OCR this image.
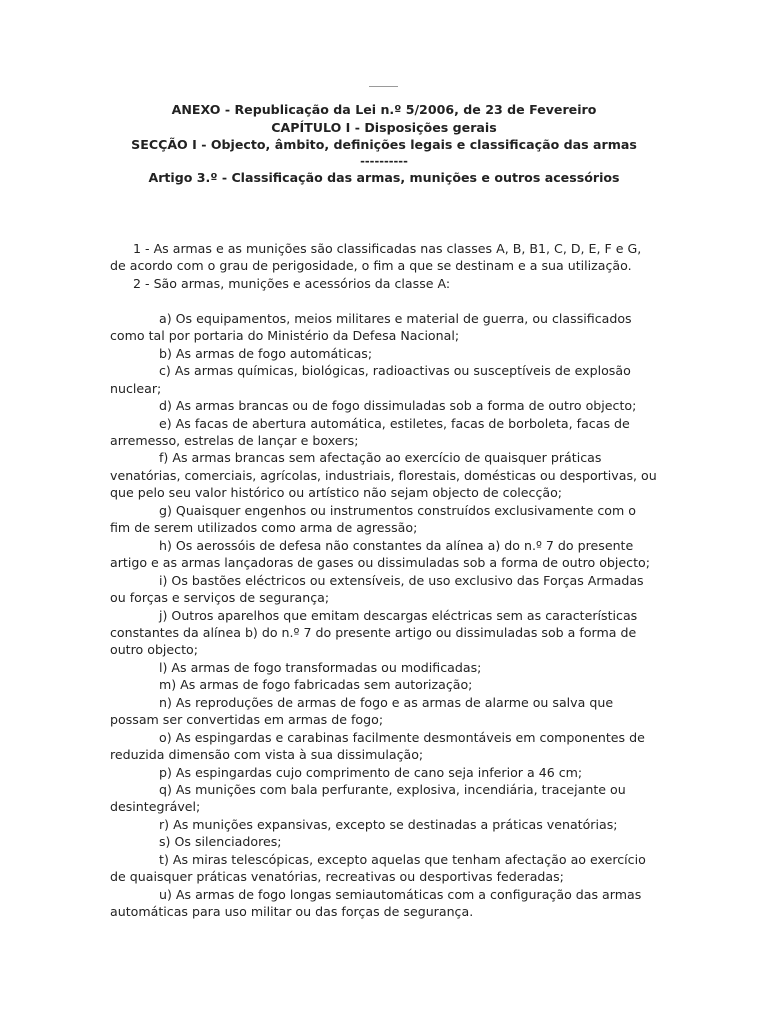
ANEXO - Republicação da Lei n.º 5/2006, de 23 de Fevereiro
CAPÍTULO I - Disposições gerais
SECÇÃO I - Objecto, âmbito, definições legais e classificação das armas
----------
Artigo 3.º - Classificação das armas, munições e outros acessórios

1 - As armas e as munições são classificadas nas classes A, B, B1, C, D, E, F e G, de acordo com o grau de perigosidade, o fim a que se destinam e a sua utilização.

2 - São armas, munições e acessórios da classe A:

a) Os equipamentos, meios militares e material de guerra, ou classificados como tal por portaria do Ministério da Defesa Nacional;

b) As armas de fogo automáticas;

c) As armas químicas, biológicas, radioactivas ou susceptíveis de explosão nuclear;

d) As armas brancas ou de fogo dissimuladas sob a forma de outro objecto;

e) As facas de abertura automática, estiletes, facas de borboleta, facas de arremesso, estrelas de lançar e boxers;

f) As armas brancas sem afectação ao exercício de quaisquer práticas venatórias, comerciais, agrícolas, industriais, florestais, domésticas ou desportivas, ou que pelo seu valor histórico ou artístico não sejam objecto de colecção;

g) Quaisquer engenhos ou instrumentos construídos exclusivamente com o fim de serem utilizados como arma de agressão;

h) Os aerossóis de defesa não constantes da alínea a) do n.º 7 do presente artigo e as armas lançadoras de gases ou dissimuladas sob a forma de outro objecto;

i) Os bastões eléctricos ou extensíveis, de uso exclusivo das Forças Armadas ou forças e serviços de segurança;

j) Outros aparelhos que emitam descargas eléctricas sem as características constantes da alínea b) do n.º 7 do presente artigo ou dissimuladas sob a forma de outro objecto;

l) As armas de fogo transformadas ou modificadas;

m) As armas de fogo fabricadas sem autorização;

n) As reproduções de armas de fogo e as armas de alarme ou salva que possam ser convertidas em armas de fogo;

o) As espingardas e carabinas facilmente desmontáveis em componentes de reduzida dimensão com vista à sua dissimulação;

p) As espingardas cujo comprimento de cano seja inferior a 46 cm;

q) As munições com bala perfurante, explosiva, incendiária, tracejante ou desintegrável;

r) As munições expansivas, excepto se destinadas a práticas venatórias;

s) Os silenciadores;

t) As miras telescópicas, excepto aquelas que tenham afectação ao exercício de quaisquer práticas venatórias, recreativas ou desportivas federadas;

u) As armas de fogo longas semiautomáticas com a configuração das armas automáticas para uso militar ou das forças de segurança.
